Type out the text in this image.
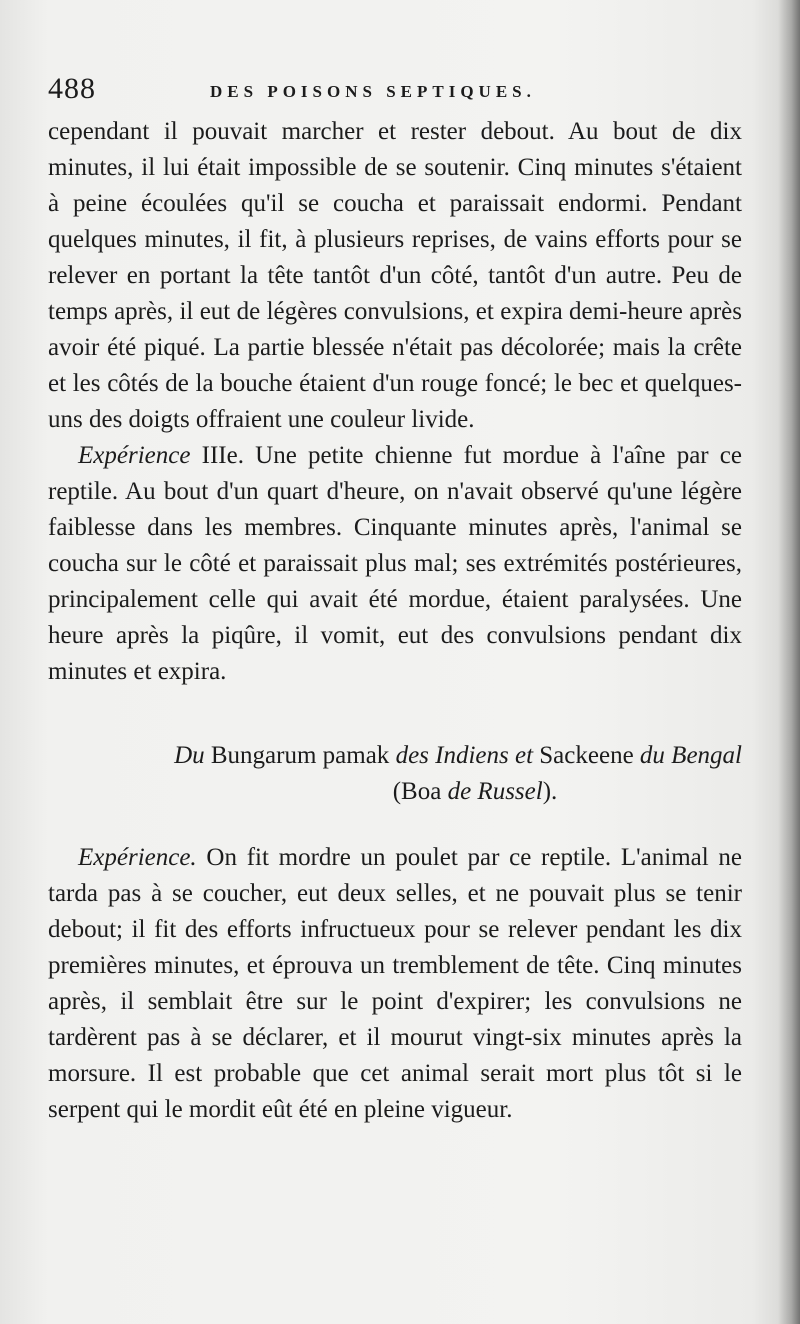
488	DES POISONS SEPTIQUES.

cependant il pouvait marcher et rester debout. Au bout de dix minutes, il lui était impossible de se soutenir. Cinq minutes s'étaient à peine écoulées qu'il se coucha et paraissait endormi. Pendant quelques minutes, il fit, à plusieurs reprises, de vains efforts pour se relever en portant la tête tantôt d'un côté, tantôt d'un autre. Peu de temps après, il eut de légères convulsions, et expira demi-heure après avoir été piqué. La partie blessée n'était pas décolorée; mais la crête et les côtés de la bouche étaient d'un rouge foncé; le bec et quelques-uns des doigts offraient une couleur livide.

Expérience IIIe. Une petite chienne fut mordue à l'aîne par ce reptile. Au bout d'un quart d'heure, on n'avait observé qu'une légère faiblesse dans les membres. Cinquante minutes après, l'animal se coucha sur le côté et paraissait plus mal; ses extrémités postérieures, principalement celle qui avait été mordue, étaient paralysées. Une heure après la piqûre, il vomit, eut des convulsions pendant dix minutes et expira.

Du Bungarum pamak des Indiens et Sackeene du Bengal
(Boa de Russel).

Expérience. On fit mordre un poulet par ce reptile. L'animal ne tarda pas à se coucher, eut deux selles, et ne pouvait plus se tenir debout; il fit des efforts infructueux pour se relever pendant les dix premières minutes, et éprouva un tremblement de tête. Cinq minutes après, il semblait être sur le point d'expirer; les convulsions ne tardèrent pas à se déclarer, et il mourut vingt-six minutes après la morsure. Il est probable que cet animal serait mort plus tôt si le serpent qui le mordit eût été en pleine vigueur.
